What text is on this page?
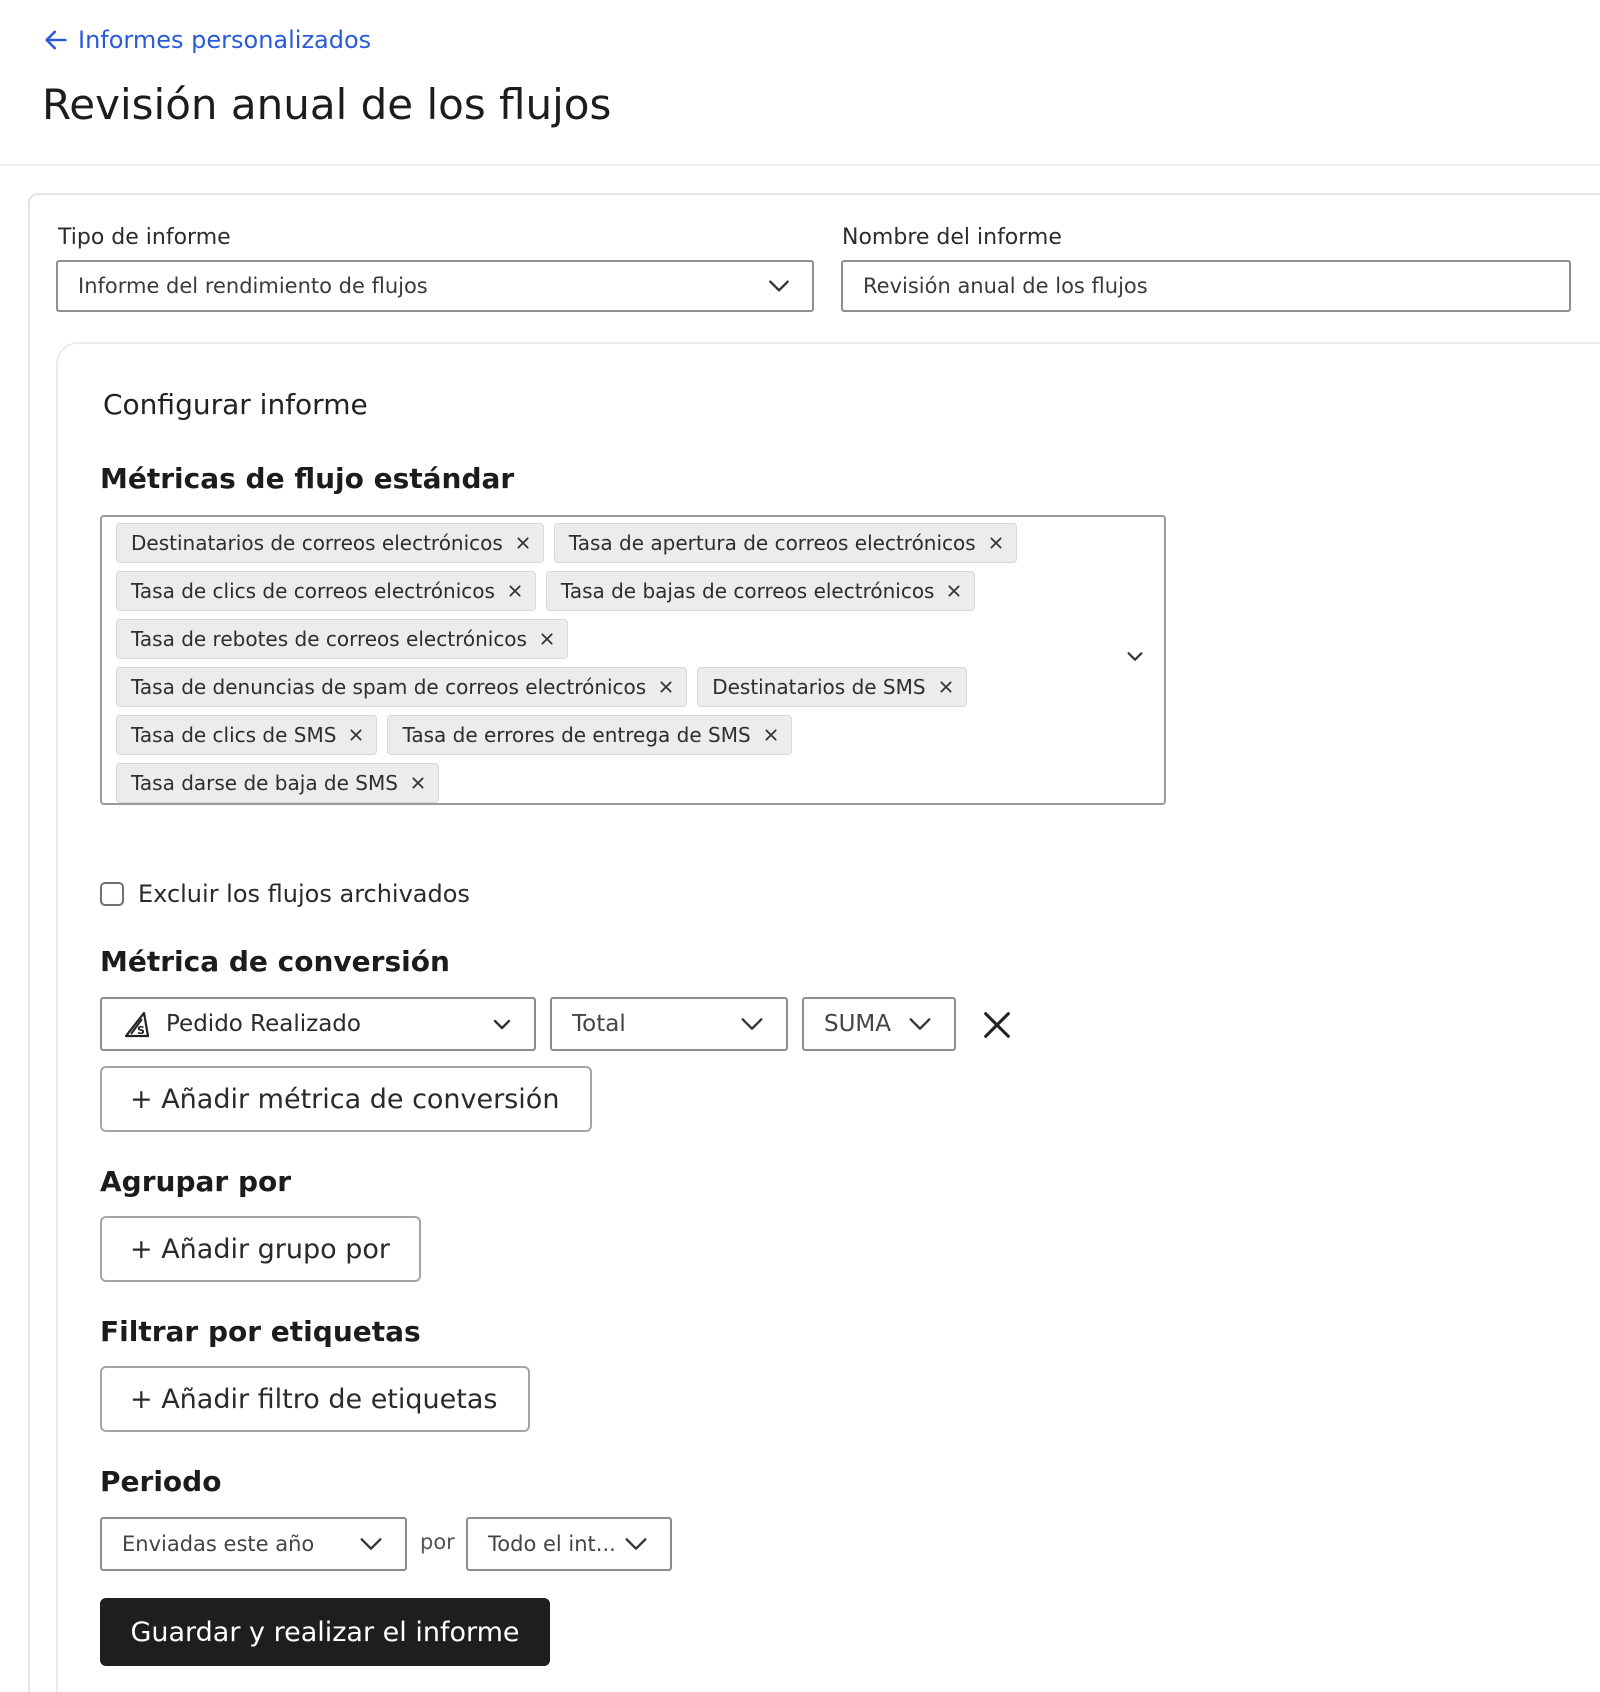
Informes personalizados
Revisión anual de los flujos
Tipo de informe
Informe del rendimiento de flujos
Nombre del informe
Revisión anual de los flujos
Configurar informe
Métricas de flujo estándar
Destinatarios de correos electrónicos	Tasa de apertura de correos electrónicos
Tasa de clics de correos electrónicos	Tasa de bajas de correos electrónicos
Tasa de rebotes de correos electrónicos
Tasa de denuncias de spam de correos electrónicos	Destinatarios de SMS
Tasa de clics de SMS	Tasa de errores de entrega de SMS
Tasa darse de baja de SMS
Excluir los flujos archivados
Métrica de conversión
S Pedido Realizado	Total	SUMA
+ Añadir métrica de conversión
Agrupar por
+ Añadir grupo por
Filtrar por etiquetas
+ Añadir filtro de etiquetas
Periodo
Enviadas este año	por Todo el int...
Guardar y realizar el informe
